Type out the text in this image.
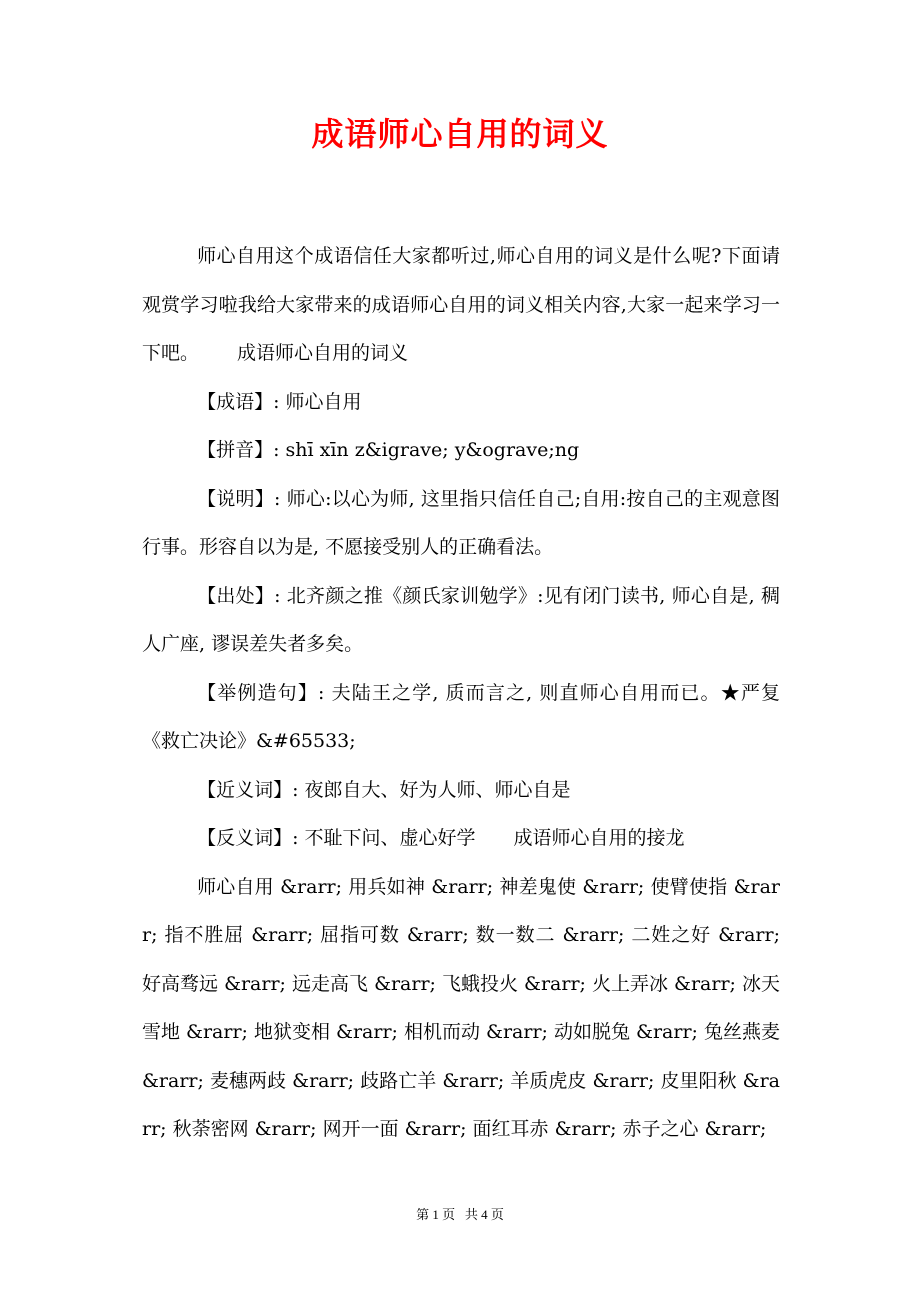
成语师心自用的词义

师心自用这个成语信任大家都听过,师心自用的词义是什么呢?下面请观赏学习啦我给大家带来的成语师心自用的词义相关内容,大家一起来学习一下吧。 成语师心自用的词义

【成语】: 师心自用

【拼音】: shī xīn z&igrave; y&ograve;ng

【说明】: 师心:以心为师, 这里指只信任自己;自用:按自己的主观意图行事。形容自以为是, 不愿接受别人的正确看法。

【出处】: 北齐颜之推《颜氏家训勉学》:见有闭门读书, 师心自是, 稠人广座, 谬误差失者多矣。

【举例造句】: 夫陆王之学, 质而言之, 则直师心自用而已。★严复《救亡决论》&#65533;

【近义词】: 夜郎自大、好为人师、师心自是

【反义词】: 不耻下问、虚心好学 成语师心自用的接龙

师心自用 &rarr; 用兵如神 &rarr; 神差鬼使 &rarr; 使臂使指 &rarr; 指不胜屈 &rarr; 屈指可数 &rarr; 数一数二 &rarr; 二姓之好 &rarr; 好高骛远 &rarr; 远走高飞 &rarr; 飞蛾投火 &rarr; 火上弄冰 &rarr; 冰天雪地 &rarr; 地狱变相 &rarr; 相机而动 &rarr; 动如脱兔 &rarr; 兔丝燕麦 &rarr; 麦穗两歧 &rarr; 歧路亡羊 &rarr; 羊质虎皮 &rarr; 皮里阳秋 &rarr; 秋荼密网 &rarr; 网开一面 &rarr; 面红耳赤 &rarr; 赤子之心 &rarr;

第 1 页 共 4 页
